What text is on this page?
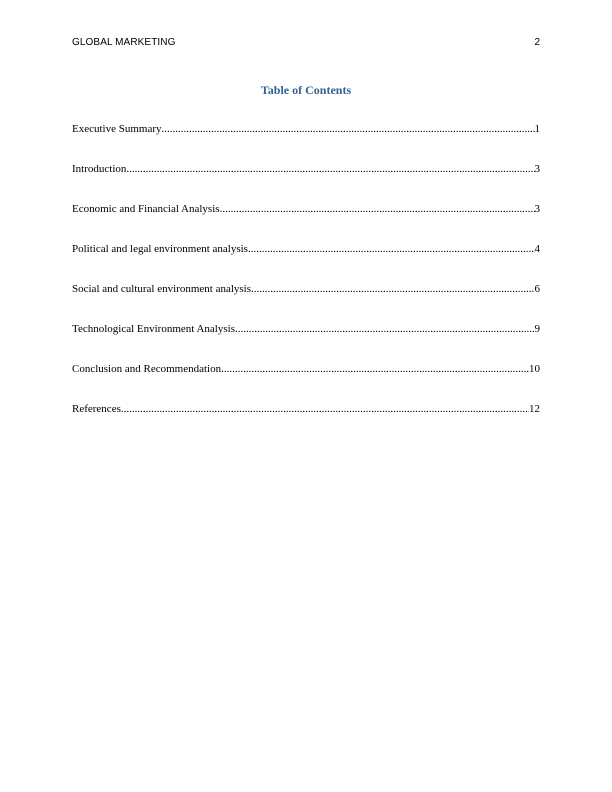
GLOBAL MARKETING	2
Table of Contents
Executive Summary .....	1
Introduction .....	3
Economic and Financial Analysis .....	3
Political and legal environment analysis .....	4
Social and cultural environment analysis .....	6
Technological Environment Analysis .....	9
Conclusion and Recommendation .....	10
References .....	12
